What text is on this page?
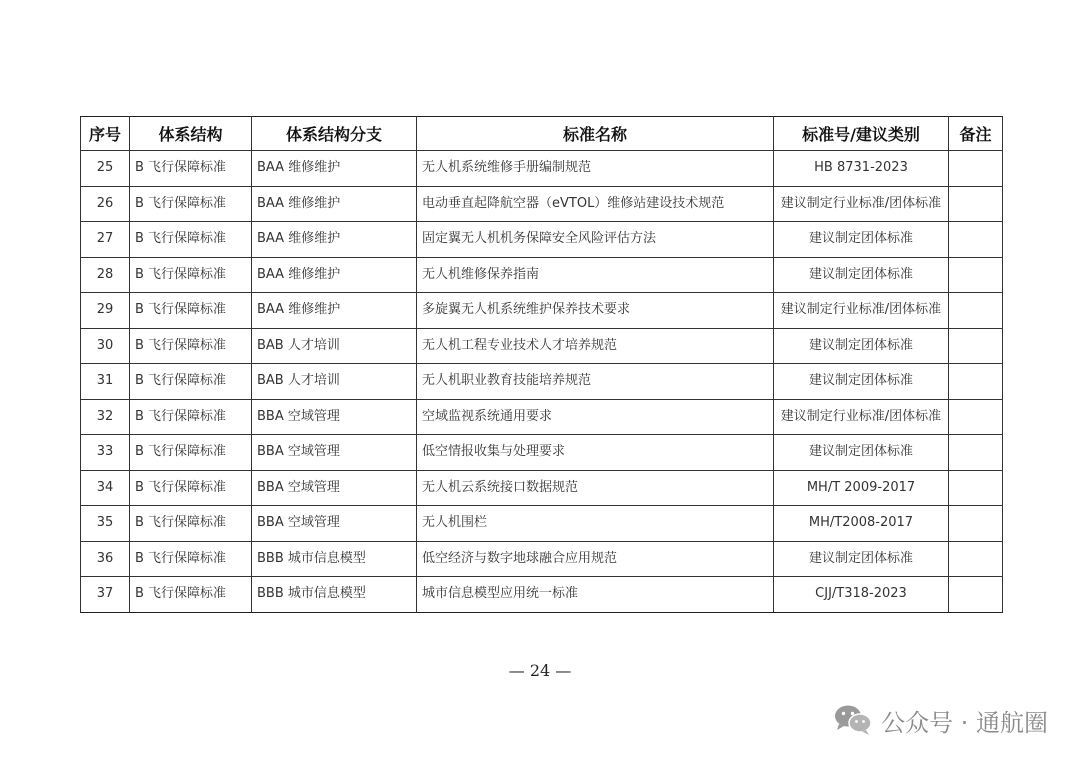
序号	体系结构	体系结构分支	标准名称	标准号/建议类别	备注
25	B 飞行保障标准	BAA 维修维护	无人机系统维修手册编制规范	HB 8731-2023	
26	B 飞行保障标准	BAA 维修维护	电动垂直起降航空器（eVTOL）维修站建设技术规范	建议制定行业标准/团体标准	
27	B 飞行保障标准	BAA 维修维护	固定翼无人机机务保障安全风险评估方法	建议制定团体标准	
28	B 飞行保障标准	BAA 维修维护	无人机维修保养指南	建议制定团体标准	
29	B 飞行保障标准	BAA 维修维护	多旋翼无人机系统维护保养技术要求	建议制定行业标准/团体标准	
30	B 飞行保障标准	BAB 人才培训	无人机工程专业技术人才培养规范	建议制定团体标准	
31	B 飞行保障标准	BAB 人才培训	无人机职业教育技能培养规范	建议制定团体标准	
32	B 飞行保障标准	BBA 空域管理	空域监视系统通用要求	建议制定行业标准/团体标准	
33	B 飞行保障标准	BBA 空域管理	低空情报收集与处理要求	建议制定团体标准	
34	B 飞行保障标准	BBA 空域管理	无人机云系统接口数据规范	MH/T 2009-2017	
35	B 飞行保障标准	BBA 空域管理	无人机围栏	MH/T2008-2017	
36	B 飞行保障标准	BBB 城市信息模型	低空经济与数字地球融合应用规范	建议制定团体标准	
37	B 飞行保障标准	BBB 城市信息模型	城市信息模型应用统一标准	CJJ/T318-2023	
— 24 —
公众号 · 通航圈
